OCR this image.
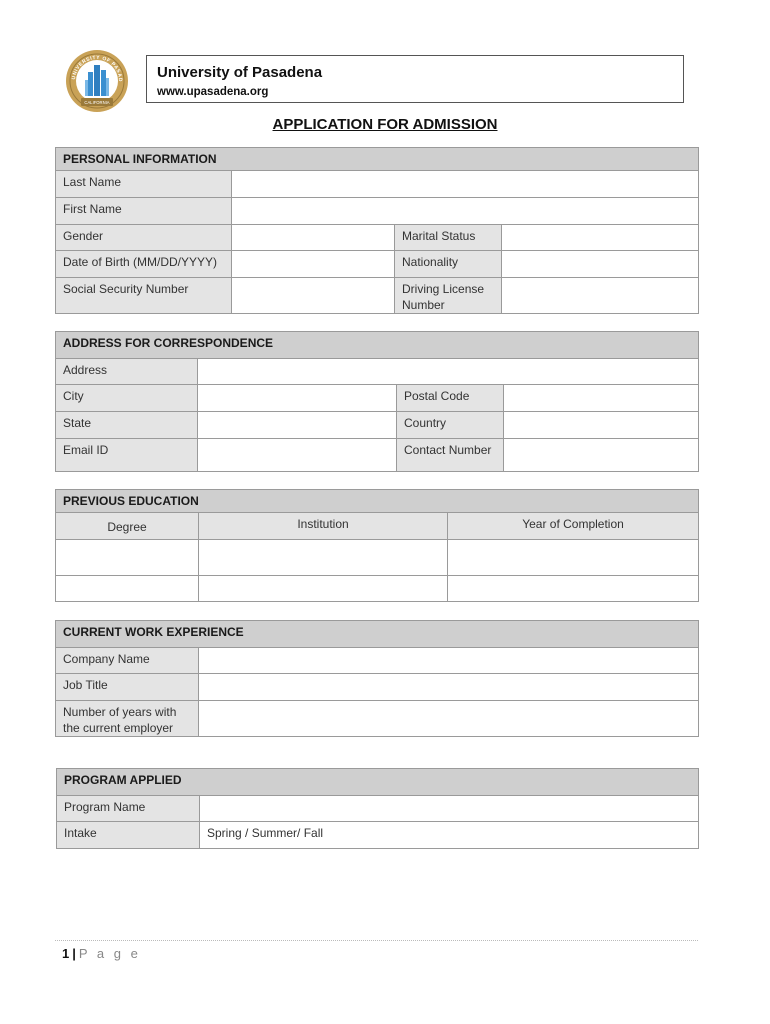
UNIVERSITY OF PASAD
CALIFORNIA
University of Pasadena
www.upasadena.org
APPLICATION FOR ADMISSION
PERSONAL INFORMATION			
Last Name			
First Name			
Gender		Marital Status	
Date of Birth (MM/DD/YYYY)		Nationality	
Social Security Number		Driving License Number	
ADDRESS FOR CORRESPONDENCE			
Address			
City		Postal Code	
State		Country	
Email ID		Contact Number	
PREVIOUS EDUCATION		
Degree	Institution	Year of Completion

CURRENT WORK EXPERIENCE	
Company Name	
Job Title	
Number of years with the current employer	
PROGRAM APPLIED	
Program Name	
Intake	Spring / Summer/ Fall
1 | P a g e
